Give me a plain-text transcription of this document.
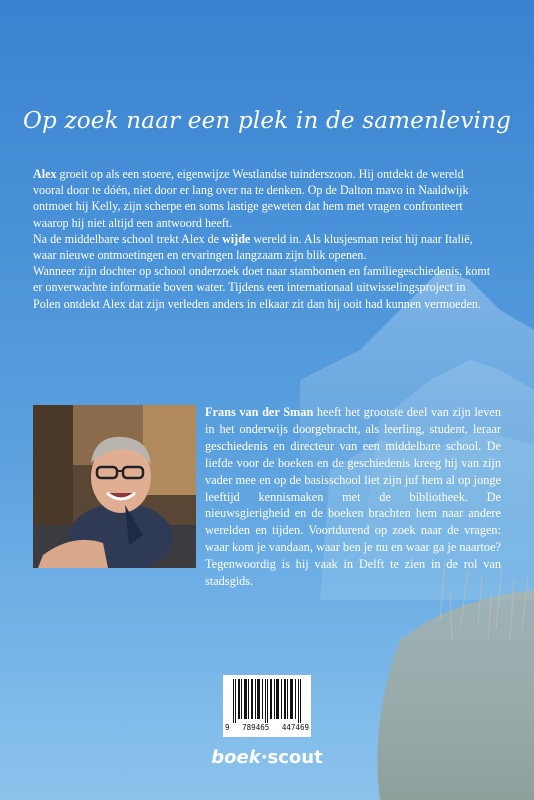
Op zoek naar een plek in de samenleving

Alex groeit op als een stoere, eigenwijze Westlandse tuinderszoon. Hij ontdekt de wereld vooral door te dóén, niet door er lang over na te denken. Op de Dalton mavo in Naaldwijk ontmoet hij Kelly, zijn scherpe en soms lastige geweten dat hem met vragen confronteert waarop hij niet altijd een antwoord heeft.

Na de middelbare school trekt Alex de wijde wereld in. Als klusjesman reist hij naar Italië, waar nieuwe ontmoetingen en ervaringen langzaam zijn blik openen.

Wanneer zijn dochter op school onderzoek doet naar stambomen en familiegeschiedenis, komt er onverwachte informatie boven water. Tijdens een internationaal uitwisselingsproject in Polen ontdekt Alex dat zijn verleden anders in elkaar zit dan hij ooit had kunnen vermoeden.

Frans van der Sman heeft het grootste deel van zijn leven in het onderwijs doorgebracht, als leerling, student, leraar geschiedenis en directeur van een middelbare school. De liefde voor de boeken en de geschiedenis kreeg hij van zijn vader mee en op de basisschool liet zijn juf hem al op jonge leeftijd kennismaken met de bibliotheek. De nieuwsgierigheid en de boeken brachten hem naar andere werelden en tijden. Voortdurend op zoek naar de vragen: waar kom je vandaan, waar ben je nu en waar ga je naartoe? Tegenwoordig is hij vaak in Delft te zien in de rol van stadsgids.
9 789465 447469
boek·scout
